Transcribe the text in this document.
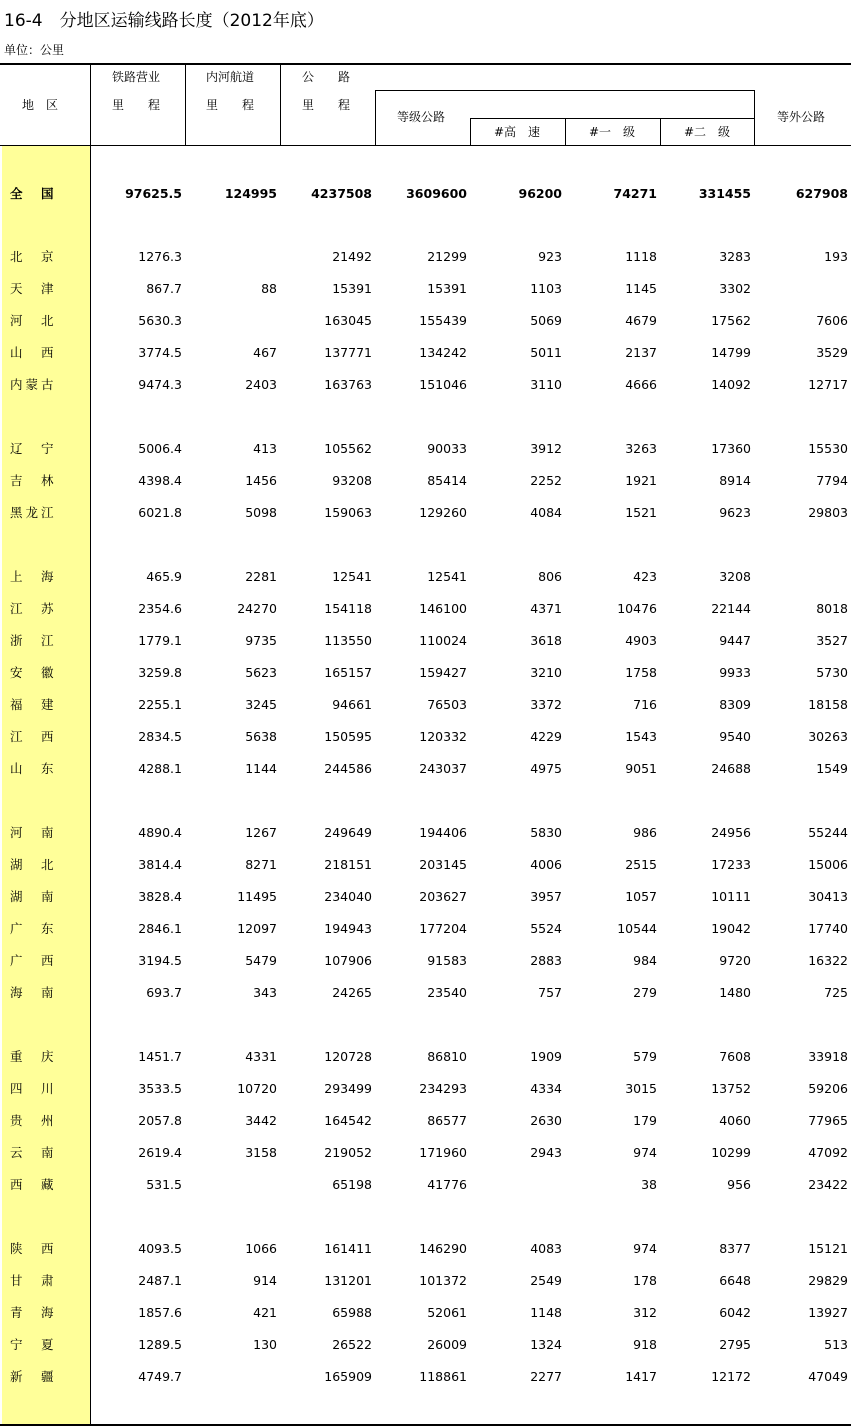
16-4　分地区运输线路长度（2012年底）
单位：公里
地　区
铁路营业
里　　程
内河航道
里　　程
公　　路
里　　程
等级公路
#高　速	#一　级	#二　级
等外公路
全　国	97625.5	124995	4237508	3609600	96200	74271	331455	627908
北　京	1276.3		21492	21299	923	1118	3283	193
天　津	867.7	88	15391	15391	1103	1145	3302	
河　北	5630.3		163045	155439	5069	4679	17562	7606
山　西	3774.5	467	137771	134242	5011	2137	14799	3529
内蒙古	9474.3	2403	163763	151046	3110	4666	14092	12717

辽　宁	5006.4	413	105562	90033	3912	3263	17360	15530
吉　林	4398.4	1456	93208	85414	2252	1921	8914	7794
黑龙江	6021.8	5098	159063	129260	4084	1521	9623	29803

上　海	465.9	2281	12541	12541	806	423	3208	
江　苏	2354.6	24270	154118	146100	4371	10476	22144	8018
浙　江	1779.1	9735	113550	110024	3618	4903	9447	3527
安　徽	3259.8	5623	165157	159427	3210	1758	9933	5730
福　建	2255.1	3245	94661	76503	3372	716	8309	18158
江　西	2834.5	5638	150595	120332	4229	1543	9540	30263
山　东	4288.1	1144	244586	243037	4975	9051	24688	1549

河　南	4890.4	1267	249649	194406	5830	986	24956	55244
湖　北	3814.4	8271	218151	203145	4006	2515	17233	15006
湖　南	3828.4	11495	234040	203627	3957	1057	10111	30413
广　东	2846.1	12097	194943	177204	5524	10544	19042	17740
广　西	3194.5	5479	107906	91583	2883	984	9720	16322
海　南	693.7	343	24265	23540	757	279	1480	725

重　庆	1451.7	4331	120728	86810	1909	579	7608	33918
四　川	3533.5	10720	293499	234293	4334	3015	13752	59206
贵　州	2057.8	3442	164542	86577	2630	179	4060	77965
云　南	2619.4	3158	219052	171960	2943	974	10299	47092
西　藏	531.5		65198	41776		38	956	23422

陕　西	4093.5	1066	161411	146290	4083	974	8377	15121
甘　肃	2487.1	914	131201	101372	2549	178	6648	29829
青　海	1857.6	421	65988	52061	1148	312	6042	13927
宁　夏	1289.5	130	26522	26009	1324	918	2795	513
新　疆	4749.7		165909	118861	2277	1417	12172	47049
